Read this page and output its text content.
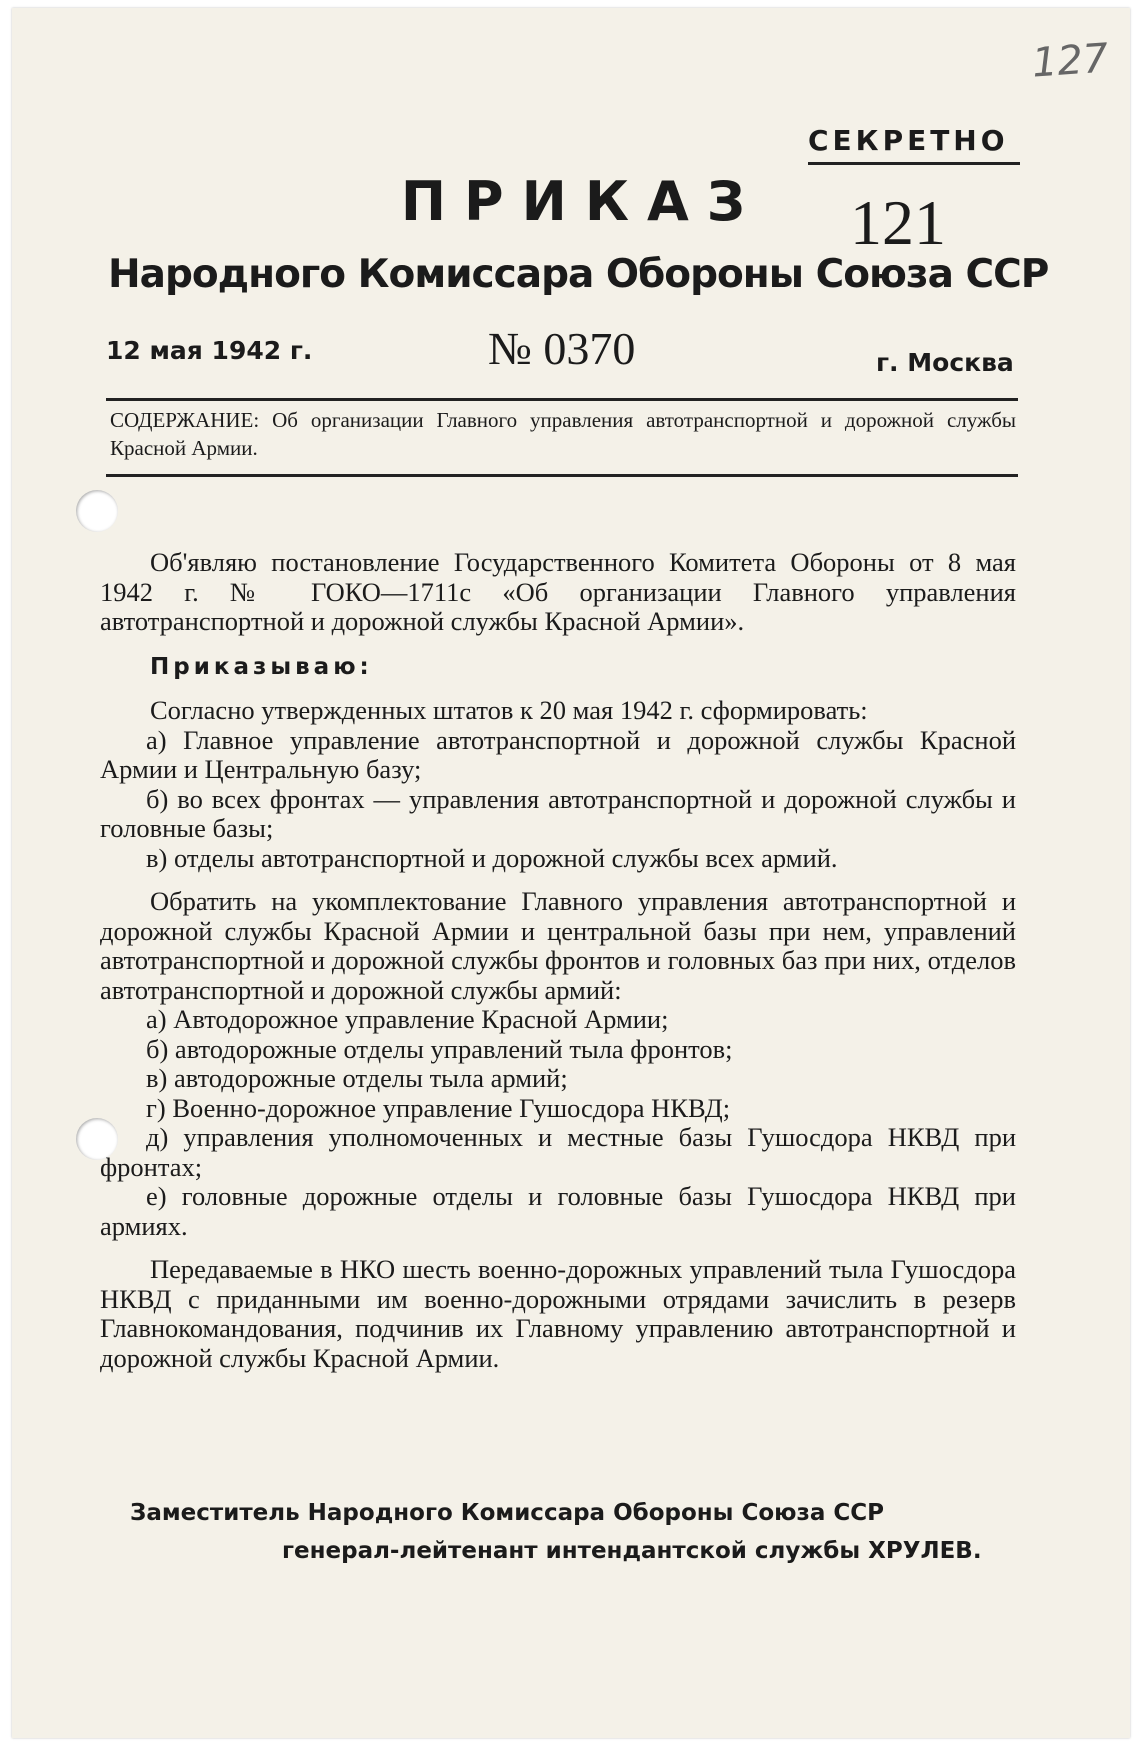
127
СЕКРЕТНО
ПРИКАЗ	121
Народного Комиссара Обороны Союза ССР
12 мая 1942 г.	№ 0370	г. Москва
СОДЕРЖАНИЕ: Об организации Главного управления автотранспортной и дорожной службы Красной Армии.

Об'являю постановление Государственного Комитета Обороны от 8 мая 1942 г. № ГОКО—1711с «Об организации Главного управления автотранспортной и дорожной службы Красной Армии».

Приказываю:

Согласно утвержденных штатов к 20 мая 1942 г. сформировать:

а) Главное управление автотранспортной и дорожной службы Красной Армии и Центральную базу;

б) во всех фронтах — управления автотранспортной и дорожной службы и головные базы;

в) отделы автотранспортной и дорожной службы всех армий.

Обратить на укомплектование Главного управления автотранспортной и дорожной службы Красной Армии и центральной базы при нем, управлений автотранспортной и дорожной службы фронтов и головных баз при них, отделов автотранспортной и дорожной службы армий:

а) Автодорожное управление Красной Армии;

б) автодорожные отделы управлений тыла фронтов;

в) автодорожные отделы тыла армий;

г) Военно-дорожное управление Гушосдора НКВД;

д) управления уполномоченных и местные базы Гушосдора НКВД при фронтах;

е) головные дорожные отделы и головные базы Гушосдора НКВД при армиях.

Передаваемые в НКО шесть военно-дорожных управлений тыла Гушосдора НКВД с приданными им военно-дорожными отрядами зачислить в резерв Главнокомандования, подчинив их Главному управлению автотранспортной и дорожной службы Красной Армии.

Заместитель Народного Комиссара Обороны Союза ССР
генерал-лейтенант интендантской службы ХРУЛЕВ.
